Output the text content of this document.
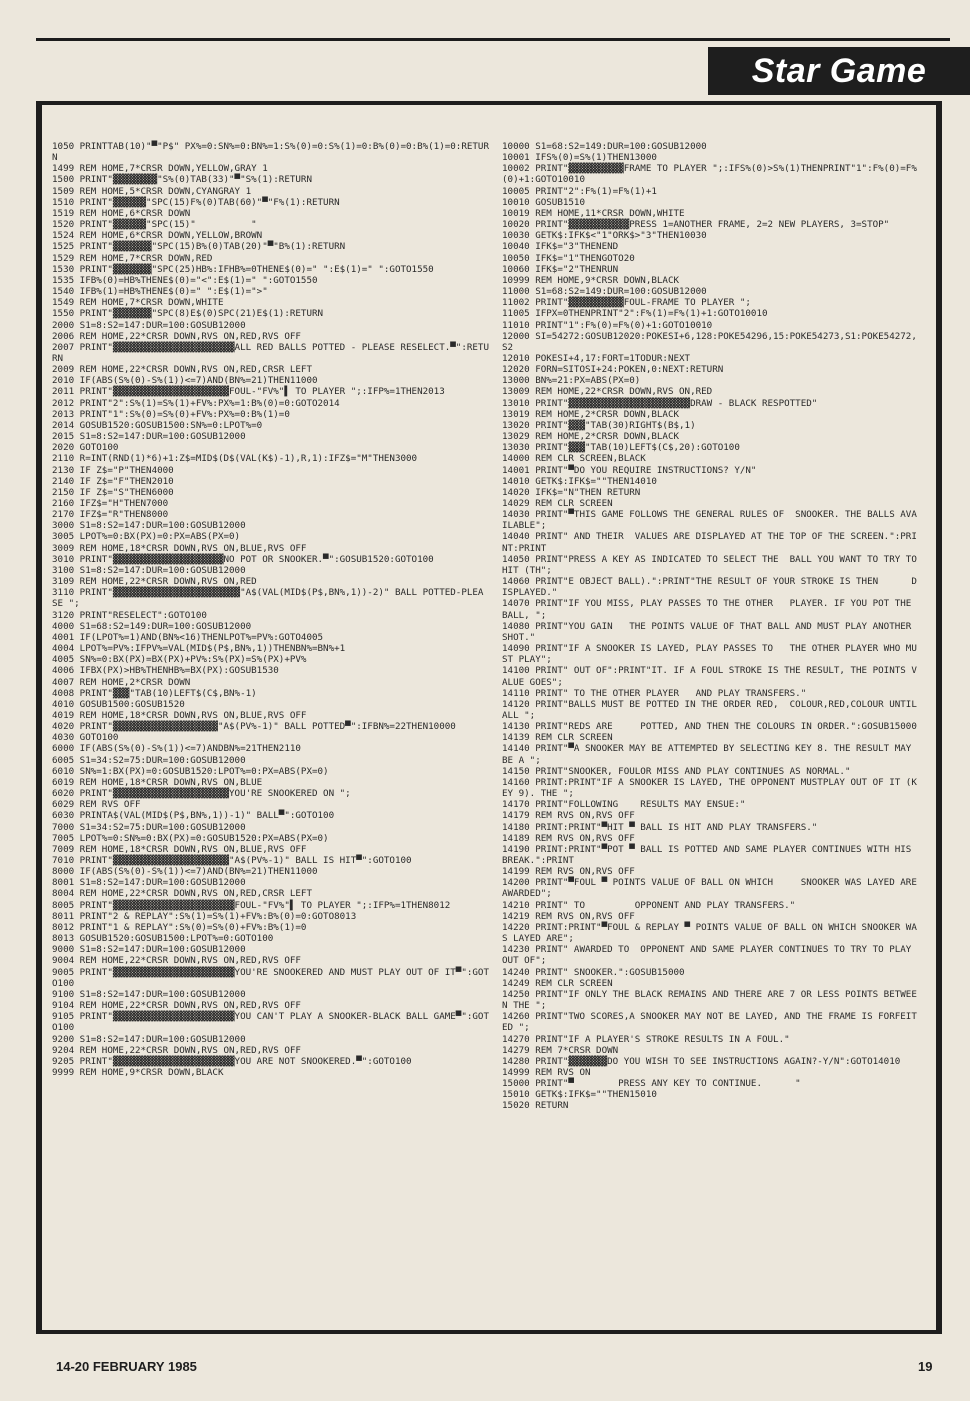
Star Game
1050 PRINTTAB(10)"▀"P$" PX%=0:SN%=0:BN%=1:S%(0)=0:S%(1)=0:B%(0)=0:B%(1)=0:RETURN
1499 REM HOME,7*CRSR DOWN,YELLOW,GRAY 1
1500 PRINT"▓▓▓▓▓▓▓▓"S%(0)TAB(33)"▀"S%(1):RETURN
1509 REM HOME,5*CRSR DOWN,CYANGRAY 1
1510 PRINT"▓▓▓▓▓▓"SPC(15)F%(0)TAB(60)"▀"F%(1):RETURN
1519 REM HOME,6*CRSR DOWN
1520 PRINT"▓▓▓▓▓▓"SPC(15)"          "
1524 REM HOME,6*CRSR DOWN,YELLOW,BROWN
1525 PRINT"▓▓▓▓▓▓▓"SPC(15)B%(0)TAB(20)"▀"B%(1):RETURN
1529 REM HOME,7*CRSR DOWN,RED
1530 PRINT"▓▓▓▓▓▓▓"SPC(25)HB%:IFHB%=0THENE$(0)=" ":E$(1)=" ":GOTO1550
1535 IFB%(0)=HB%THENE$(0)="<":E$(1)=" ":GOTO1550
1540 IFB%(1)=HB%THENE$(0)=" ":E$(1)=">"
1549 REM HOME,7*CRSR DOWN,WHITE
1550 PRINT"▓▓▓▓▓▓▓"SPC(8)E$(0)SPC(21)E$(1):RETURN
2000 S1=8:S2=147:DUR=100:GOSUB12000
2006 REM HOME,22*CRSR DOWN,RVS ON,RED,RVS OFF
2007 PRINT"▓▓▓▓▓▓▓▓▓▓▓▓▓▓▓▓▓▓▓▓▓▓ALL RED BALLS POTTED - PLEASE RESELECT.▀":RETURN
2009 REM HOME,22*CRSR DOWN,RVS ON,RED,CRSR LEFT
2010 IF(ABS(S%(0)-S%(1))<=7)AND(BN%=21)THEN11000
2011 PRINT"▓▓▓▓▓▓▓▓▓▓▓▓▓▓▓▓▓▓▓▓▓FOUL-"FV%"▌ TO PLAYER ";:IFP%=1THEN2013
2012 PRINT"2":S%(1)=S%(1)+FV%:PX%=1:B%(0)=0:GOTO2014
2013 PRINT"1":S%(0)=S%(0)+FV%:PX%=0:B%(1)=0
2014 GOSUB1520:GOSUB1500:SN%=0:LPOT%=0
2015 S1=8:S2=147:DUR=100:GOSUB12000
2020 GOTO100
2110 R=INT(RND(1)*6)+1:Z$=MID$(D$(VAL(K$)-1),R,1):IFZ$="M"THEN3000
2130 IF Z$="P"THEN4000
2140 IF Z$="F"THEN2010
2150 IF Z$="S"THEN6000
2160 IFZ$="H"THEN7000
2170 IFZ$="R"THEN8000
3000 S1=8:S2=147:DUR=100:GOSUB12000
3005 LPOT%=0:BX(PX)=0:PX=ABS(PX=0)
3009 REM HOME,18*CRSR DOWN,RVS ON,BLUE,RVS OFF
3010 PRINT"▓▓▓▓▓▓▓▓▓▓▓▓▓▓▓▓▓▓▓▓NO POT OR SNOOKER.▀":GOSUB1520:GOTO100
3100 S1=8:S2=147:DUR=100:GOSUB12000
3109 REM HOME,22*CRSR DOWN,RVS ON,RED
3110 PRINT"▓▓▓▓▓▓▓▓▓▓▓▓▓▓▓▓▓▓▓▓▓▓▓"A$(VAL(MID$(P$,BN%,1))-2)" BALL POTTED-PLEA SE ";
3120 PRINT"RESELECT":GOTO100
4000 S1=68:S2=149:DUR=100:GOSUB12000
4001 IF(LPOT%=1)AND(BN%<16)THENLPOT%=PV%:GOTO4005
4004 LPOT%=PV%:IFPV%=VAL(MID$(P$,BN%,1))THENBN%=BN%+1
4005 SN%=0:BX(PX)=BX(PX)+PV%:S%(PX)=S%(PX)+PV%
4006 IFBX(PX)>HB%THENHB%=BX(PX):GOSUB1530
4007 REM HOME,2*CRSR DOWN
4008 PRINT"▓▓▓"TAB(10)LEFT$(C$,BN%-1)
4010 GOSUB1500:GOSUB1520
4019 REM HOME,18*CRSR DOWN,RVS ON,BLUE,RVS OFF
4020 PRINT"▓▓▓▓▓▓▓▓▓▓▓▓▓▓▓▓▓▓▓"A$(PV%-1)" BALL POTTED▀":IFBN%=22THEN10000
4030 GOTO100
6000 IF(ABS(S%(0)-S%(1))<=7)ANDBN%=21THEN2110
6005 S1=34:S2=75:DUR=100:GOSUB12000
6010 SN%=1:BX(PX)=0:GOSUB1520:LPOT%=0:PX=ABS(PX=0)
6019 REM HOME,18*CRSR DOWN,RVS ON,BLUE
6020 PRINT"▓▓▓▓▓▓▓▓▓▓▓▓▓▓▓▓▓▓▓▓▓YOU'RE SNOOKERED ON ";
6029 REM RVS OFF
6030 PRINTA$(VAL(MID$(P$,BN%,1))-1)" BALL▀":GOTO100
7000 S1=34:S2=75:DUR=100:GOSUB12000
7005 LPOT%=0:SN%=0:BX(PX)=0:GOSUB1520:PX=ABS(PX=0)
7009 REM HOME,18*CRSR DOWN,RVS ON,BLUE,RVS OFF
7010 PRINT"▓▓▓▓▓▓▓▓▓▓▓▓▓▓▓▓▓▓▓▓▓"A$(PV%-1)" BALL IS HIT▀":GOTO100
8000 IF(ABS(S%(0)-S%(1))<=7)AND(BN%=21)THEN11000
8001 S1=8:S2=147:DUR=100:GOSUB12000
8004 REM HOME,22*CRSR DOWN,RVS ON,RED,CRSR LEFT
8005 PRINT"▓▓▓▓▓▓▓▓▓▓▓▓▓▓▓▓▓▓▓▓▓▓FOUL-"FV%"▌ TO PLAYER ";:IFP%=1THEN8012
8011 PRINT"2 & REPLAY":S%(1)=S%(1)+FV%:B%(0)=0:GOTO8013
8012 PRINT"1 & REPLAY":S%(0)=S%(0)+FV%:B%(1)=0
8013 GOSUB1520:GOSUB1500:LPOT%=0:GOTO100
9000 S1=8:S2=147:DUR=100:GOSUB12000
9004 REM HOME,22*CRSR DOWN,RVS ON,RED,RVS OFF
9005 PRINT"▓▓▓▓▓▓▓▓▓▓▓▓▓▓▓▓▓▓▓▓▓▓YOU'RE SNOOKERED AND MUST PLAY OUT OF IT▀":GOTO100
9100 S1=8:S2=147:DUR=100:GOSUB12000
9104 REM HOME,22*CRSR DOWN,RVS ON,RED,RVS OFF
9105 PRINT"▓▓▓▓▓▓▓▓▓▓▓▓▓▓▓▓▓▓▓▓▓▓YOU CAN'T PLAY A SNOOKER-BLACK BALL GAME▀":GOTO100
9200 S1=8:S2=147:DUR=100:GOSUB12000
9204 REM HOME,22*CRSR DOWN,RVS ON,RED,RVS OFF
9205 PRINT"▓▓▓▓▓▓▓▓▓▓▓▓▓▓▓▓▓▓▓▓▓▓YOU ARE NOT SNOOKERED.▀":GOTO100
9999 REM HOME,9*CRSR DOWN,BLACK
10000 S1=68:S2=149:DUR=100:GOSUB12000
10001 IFS%(0)=S%(1)THEN13000
10002 PRINT"▓▓▓▓▓▓▓▓▓▓FRAME TO PLAYER ";:IFS%(0)>S%(1)THENPRINT"1":F%(0)=F%(0)+1:GOTO10010
10005 PRINT"2":F%(1)=F%(1)+1
10010 GOSUB1510
10019 REM HOME,11*CRSR DOWN,WHITE
10020 PRINT"▓▓▓▓▓▓▓▓▓▓▓PRESS 1=ANOTHER FRAME, 2=2 NEW PLAYERS, 3=STOP"
10030 GETK$:IFK$<"1"ORK$>"3"THEN10030
10040 IFK$="3"THENEND
10050 IFK$="1"THENGOTO20
10060 IFK$="2"THENRUN
10999 REM HOME,9*CRSR DOWN,BLACK
11000 S1=68:S2=149:DUR=100:GOSUB12000
11002 PRINT"▓▓▓▓▓▓▓▓▓▓FOUL-FRAME TO PLAYER ";
11005 IFPX=0THENPRINT"2":F%(1)=F%(1)+1:GOTO10010
11010 PRINT"1":F%(0)=F%(0)+1:GOTO10010
12000 SI=54272:GOSUB12020:POKESI+6,128:POKE54296,15:POKE54273,S1:POKE54272,S2
12010 POKESI+4,17:FORT=1TODUR:NEXT
12020 FORN=SITOSI+24:POKEN,0:NEXT:RETURN
13000 BN%=21:PX=ABS(PX=0)
13009 REM HOME,22*CRSR DOWN,RVS ON,RED
13010 PRINT"▓▓▓▓▓▓▓▓▓▓▓▓▓▓▓▓▓▓▓▓▓▓DRAW - BLACK RESPOTTED"
13019 REM HOME,2*CRSR DOWN,BLACK
13020 PRINT"▓▓▓"TAB(30)RIGHT$(B$,1)
13029 REM HOME,2*CRSR DOWN,BLACK
13030 PRINT"▓▓▓"TAB(10)LEFT$(C$,20):GOTO100
14000 REM CLR SCREEN,BLACK
14001 PRINT"▀DO YOU REQUIRE INSTRUCTIONS? Y/N"
14010 GETK$:IFK$=""THEN14010
14020 IFK$="N"THEN RETURN
14029 REM CLR SCREEN
14030 PRINT"▀THIS GAME FOLLOWS THE GENERAL RULES OF  SNOOKER. THE BALLS AVAILABLE";
14040 PRINT" AND THEIR  VALUES ARE DISPLAYED AT THE TOP OF THE SCREEN.":PRINT:PRINT
14050 PRINT"PRESS A KEY AS INDICATED TO SELECT THE  BALL YOU WANT TO TRY TO HIT (TH";
14060 PRINT"E OBJECT BALL).":PRINT"THE RESULT OF YOUR STROKE IS THEN      DISPLAYED."
14070 PRINT"IF YOU MISS, PLAY PASSES TO THE OTHER   PLAYER. IF YOU POT THE BALL, ";
14080 PRINT"YOU GAIN   THE POINTS VALUE OF THAT BALL AND MUST PLAY ANOTHER SHOT."
14090 PRINT"IF A SNOOKER IS LAYED, PLAY PASSES TO   THE OTHER PLAYER WHO MUST PLAY";
14100 PRINT" OUT OF":PRINT"IT. IF A FOUL STROKE IS THE RESULT, THE POINTS VALUE GOES";
14110 PRINT" TO THE OTHER PLAYER   AND PLAY TRANSFERS."
14120 PRINT"BALLS MUST BE POTTED IN THE ORDER RED,  COLOUR,RED,COLOUR UNTIL ALL ";
14130 PRINT"REDS ARE     POTTED, AND THEN THE COLOURS IN ORDER.":GOSUB15000
14139 REM CLR SCREEN
14140 PRINT"▀A SNOOKER MAY BE ATTEMPTED BY SELECTING KEY 8. THE RESULT MAY BE A ";
14150 PRINT"SNOOKER, FOULOR MISS AND PLAY CONTINUES AS NORMAL."
14160 PRINT:PRINT"IF A SNOOKER IS LAYED, THE OPPONENT MUSTPLAY OUT OF IT (KEY 9). THE ";
14170 PRINT"FOLLOWING    RESULTS MAY ENSUE:"
14179 REM RVS ON,RVS OFF
14180 PRINT:PRINT"▀HIT ▀ BALL IS HIT AND PLAY TRANSFERS."
14189 REM RVS ON,RVS OFF
14190 PRINT:PRINT"▀POT ▀ BALL IS POTTED AND SAME PLAYER CONTINUES WITH HIS BREAK.":PRINT
14199 REM RVS ON,RVS OFF
14200 PRINT"▀FOUL ▀ POINTS VALUE OF BALL ON WHICH     SNOOKER WAS LAYED ARE AWARDED";
14210 PRINT" TO         OPPONENT AND PLAY TRANSFERS."
14219 REM RVS ON,RVS OFF
14220 PRINT:PRINT"▀FOUL & REPLAY ▀ POINTS VALUE OF BALL ON WHICH SNOOKER WAS LAYED ARE";
14230 PRINT" AWARDED TO  OPPONENT AND SAME PLAYER CONTINUES TO TRY TO PLAY OUT OF";
14240 PRINT" SNOOKER.":GOSUB15000
14249 REM CLR SCREEN
14250 PRINT"IF ONLY THE BLACK REMAINS AND THERE ARE 7 OR LESS POINTS BETWEEN THE ";
14260 PRINT"TWO SCORES,A SNOOKER MAY NOT BE LAYED, AND THE FRAME IS FORFEITED ";
14270 PRINT"IF A PLAYER'S STROKE RESULTS IN A FOUL."
14279 REM 7*CRSR DOWN
14280 PRINT"▓▓▓▓▓▓▓DO YOU WISH TO SEE INSTRUCTIONS AGAIN?-Y/N":GOTO14010
14999 REM RVS ON
15000 PRINT"▀        PRESS ANY KEY TO CONTINUE.      "
15010 GETK$:IFK$=""THEN15010
15020 RETURN
14-20 FEBRUARY 1985	19
